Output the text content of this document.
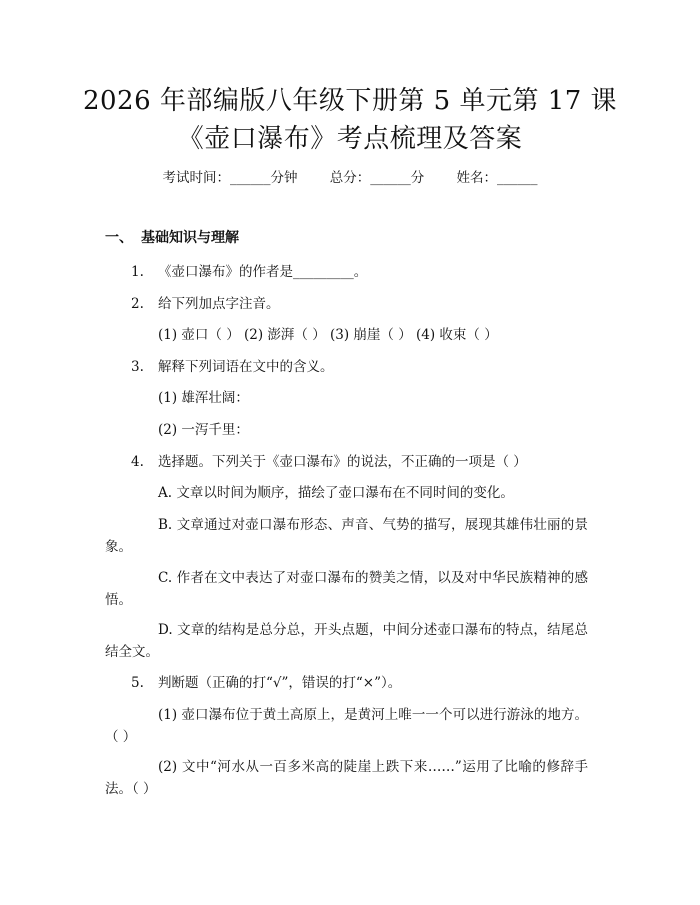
2026 年部编版八年级下册第 5 单元第 17 课
《壶口瀑布》考点梳理及答案
考试时间：______分钟 总分：______分 姓名：______
一、 基础知识与理解
1. 《壶口瀑布》的作者是_________。
2. 给下列加点字注音。
(1) 壶口（ ） (2) 澎湃（ ） (3) 崩崖（ ） (4) 收束（ ）
3. 解释下列词语在文中的含义。
(1) 雄浑壮阔：
(2) 一泻千里：
4. 选择题。下列关于《壶口瀑布》的说法，不正确的一项是（ ）
A. 文章以时间为顺序，描绘了壶口瀑布在不同时间的变化。
B. 文章通过对壶口瀑布形态、声音、气势的描写，展现其雄伟壮丽的景
象。
C. 作者在文中表达了对壶口瀑布的赞美之情，以及对中华民族精神的感
悟。
D. 文章的结构是总分总，开头点题，中间分述壶口瀑布的特点，结尾总
结全文。
5. 判断题（正确的打“√”，错误的打“×”）。
(1) 壶口瀑布位于黄土高原上，是黄河上唯一一个可以进行游泳的地方。
（ ）
(2) 文中“河水从一百多米高的陡崖上跌下来……”运用了比喻的修辞手
法。（ ）
